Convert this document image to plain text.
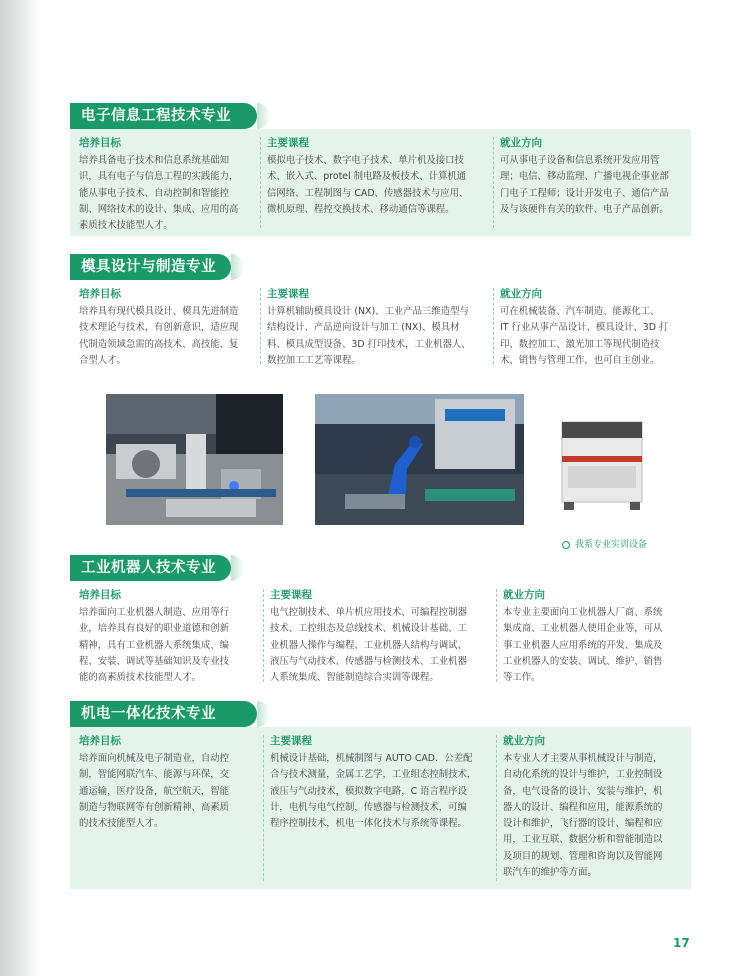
电子信息工程技术专业
培养目标
培养具备电子技术和信息系统基础知
识，具有电子与信息工程的实践能力，
能从事电子技术、自动控制和智能控
制、网络技术的设计、集成、应用的高
素质技术技能型人才。
主要课程
模拟电子技术、数字电子技术、单片机及接口技
术、嵌入式、protel 制电路及板技术、计算机通
信网络、工程制图与 CAD、传感器技术与应用、
微机原理、程控交换技术、移动通信等课程。
就业方向
可从事电子设备和信息系统开发应用管
理；电信、移动监理、广播电视企事业部
门电子工程师；设计开发电子、通信产品
及与该硬件有关的软件、电子产品创新。
模具设计与制造专业
培养目标
培养具有现代模具设计、模具先进制造
技术理论与技术，有创新意识，适应现
代制造领域急需的高技术、高技能、复
合型人才。
主要课程
计算机辅助模具设计 (NX)、工业产品三维造型与
结构设计、产品逆向设计与加工 (NX)、模具材
料、模具成型设备、3D 打印技术，工业机器人、
数控加工工艺等课程。
就业方向
可在机械装备、汽车制造、能源化工、
IT 行业从事产品设计、模具设计、3D 打
印、数控加工、激光加工等现代制造技
术、销售与管理工作，也可自主创业。
我系专业实训设备
工业机器人技术专业
培养目标
培养面向工业机器人制造、应用等行
业，培养具有良好的职业道德和创新
精神，具有工业机器人系统集成、编
程、安装、调试等基础知识及专业技
能的高素质技术技能型人才。
主要课程
电气控制技术、单片机应用技术、可编程控制器
技术、工控组态及总线技术、机械设计基础、工
业机器人操作与编程、工业机器人结构与调试、
液压与气动技术、传感器与检测技术、工业机器
人系统集成、智能制造综合实训等课程。
就业方向
本专业主要面向工业机器人厂商、系统
集成商、工业机器人使用企业等，可从
事工业机器人应用系统的开发、集成及
工业机器人的安装、调试、维护、销售
等工作。
机电一体化技术专业
培养目标
培养面向机械及电子制造业，自动控
制，智能网联汽车、能源与环保，交
通运输，医疗设备，航空航天，智能
制造与物联网等有创新精神、高素质
的技术技能型人才。
主要课程
机械设计基础，机械制图与 AUTO CAD．公差配
合与技术测量，金属工艺学，工业组态控制技术，
液压与气动技术，模拟数字电路，C 语言程序设
计，电机与电气控制，传感器与检测技术，可编
程序控制技术，机电一体化技术与系统等课程。
就业方向
本专业人才主要从事机械设计与制造，
自动化系统的设计与维护，工业控制设
备，电气设备的设计、安装与维护，机
器人的设计、编程和应用，能源系统的
设计和维护，飞行器的设计、编程和应
用，工业互联、数据分析和智能制造以
及项目的规划、管理和咨询以及智能网
联汽车的维护等方面。
17
